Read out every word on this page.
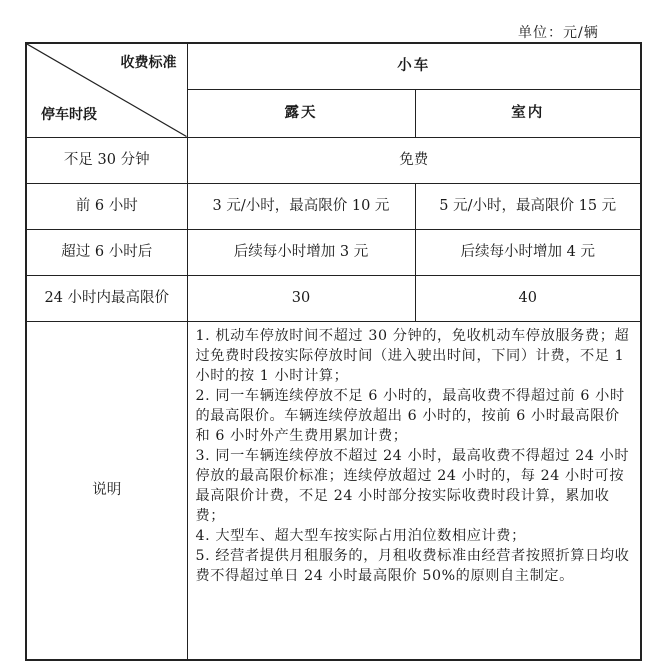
单位：元/辆
收费标准
停车时段	小车	
	露天	室内
不足 30 分钟	免费	
前 6 小时	3 元/小时，最高限价 10 元	5 元/小时，最高限价 15 元
超过 6 小时后	后续每小时增加 3 元	后续每小时增加 4 元
24 小时内最高限价	30	40
说明	1. 机动车停放时间不超过 30 分钟的，免收机动车停放服务费；超过免费时段按实际停放时间（进入驶出时间，下同）计费，不足 1 小时的按 1 小时计算；

2. 同一车辆连续停放不足 6 小时的，最高收费不得超过前 6 小时的最高限价。车辆连续停放超出 6 小时的，按前 6 小时最高限价和 6 小时外产生费用累加计费；

3. 同一车辆连续停放不超过 24 小时，最高收费不得超过 24 小时停放的最高限价标准；连续停放超过 24 小时的，每 24 小时可按最高限价计费，不足 24 小时部分按实际收费时段计算，累加收费；

4. 大型车、超大型车按实际占用泊位数相应计费；

5. 经营者提供月租服务的，月租收费标准由经营者按照折算日均收费不得超过单日 24 小时最高限价 50%的原则自主制定。	
